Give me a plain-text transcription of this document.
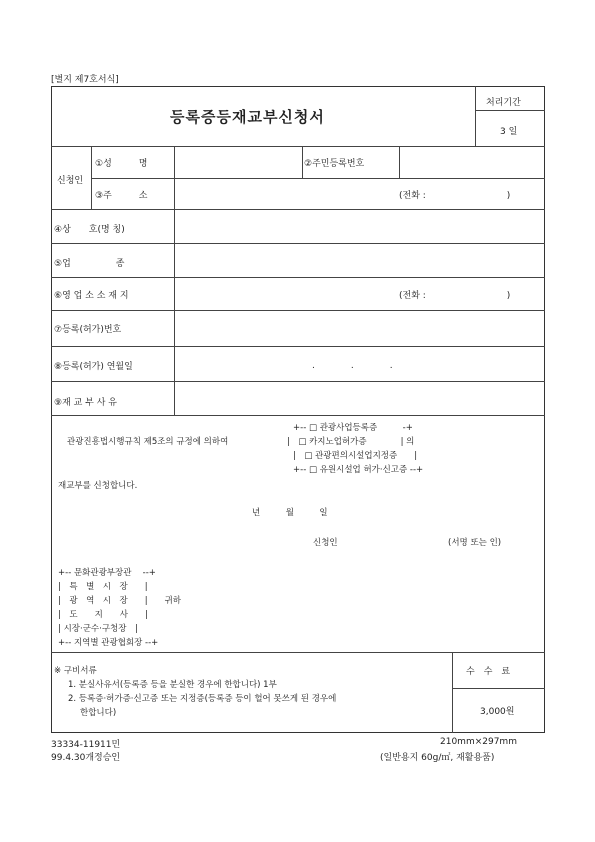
[별지 제7호서식]
등록증등재교부신청서
처리기간
3 일
신청인
①성　　　명	②주민등록번호
③주　　　소	(전화 :　　　　　　　　　)
④상　　호(명 칭)
⑤업　　　　　종
⑥영 업 소 소 재 지	(전화 :　　　　　　　　　)
⑦등록(허가)번호
⑧등록(허가) 연월일	.　　　　.　　　　.
⑨재 교 부 사 유
+-- □ 관광사업등록증　　　-+
관광진흥법시행규칙 제5조의 규정에 의하여	|　□ 카지노업허가증　　　　| 의
|　□ 관광편의시설업지정증　　|
+-- □ 유원시설업 허가·신고증 --+
재교부를 신청합니다.
년　　　월　　　일
신청인	(서명 또는 인)
+-- 문화관광부장관　 --+
|　특　별　시　장　　|
|　광　역　시　장　　|　　귀하
|　도　　지　　사　　|
| 시장·군수·구청장　|
+-- 지역별 관광협회장 --+
※ 구비서류
1. 분실사유서(등록증 등을 분실한 경우에 한합니다) 1부
2. 등록증·허가증·신고증 또는 지정증(등록증 등이 헐어 못쓰게 된 경우에
한합니다)
수　수　료
3,000원
33334-11911민
99.4.30개정승인
210mm×297mm
(일반용지 60g/㎡, 재활용품)
